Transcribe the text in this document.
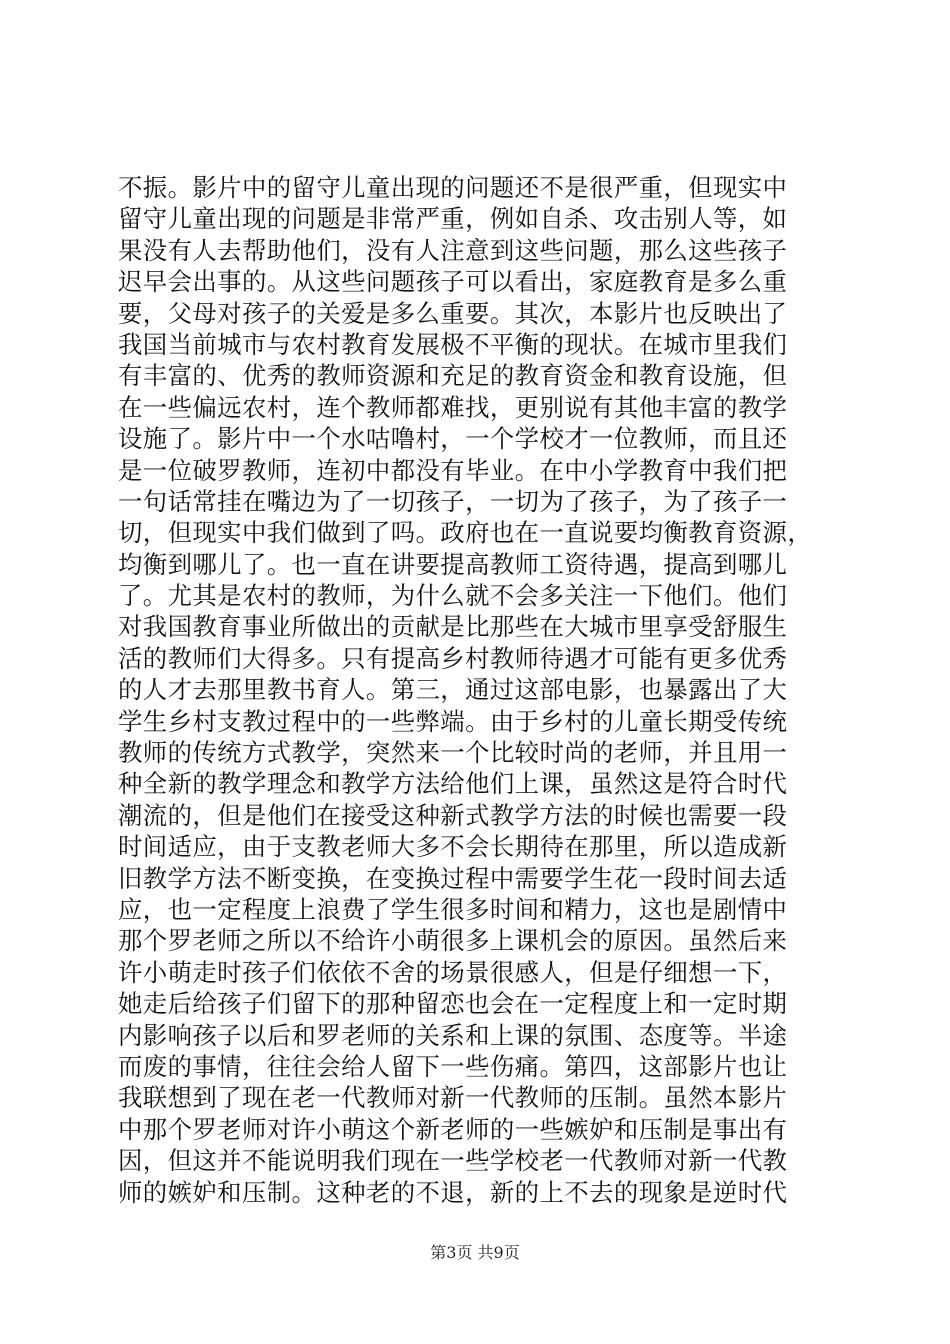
不振。影片中的留守儿童出现的问题还不是很严重，但现实中
留守儿童出现的问题是非常严重，例如自杀、攻击别人等，如
果没有人去帮助他们，没有人注意到这些问题，那么这些孩子
迟早会出事的。从这些问题孩子可以看出，家庭教育是多么重
要，父母对孩子的关爱是多么重要。其次，本影片也反映出了
我国当前城市与农村教育发展极不平衡的现状。在城市里我们
有丰富的、优秀的教师资源和充足的教育资金和教育设施，但
在一些偏远农村，连个教师都难找，更别说有其他丰富的教学
设施了。影片中一个水咕噜村，一个学校才一位教师，而且还
是一位破罗教师，连初中都没有毕业。在中小学教育中我们把
一句话常挂在嘴边为了一切孩子，一切为了孩子，为了孩子一
切，但现实中我们做到了吗。政府也在一直说要均衡教育资源，
均衡到哪儿了。也一直在讲要提高教师工资待遇，提高到哪儿
了。尤其是农村的教师，为什么就不会多关注一下他们。他们
对我国教育事业所做出的贡献是比那些在大城市里享受舒服生
活的教师们大得多。只有提高乡村教师待遇才可能有更多优秀
的人才去那里教书育人。第三，通过这部电影，也暴露出了大
学生乡村支教过程中的一些弊端。由于乡村的儿童长期受传统
教师的传统方式教学，突然来一个比较时尚的老师，并且用一
种全新的教学理念和教学方法给他们上课，虽然这是符合时代
潮流的，但是他们在接受这种新式教学方法的时候也需要一段
时间适应，由于支教老师大多不会长期待在那里，所以造成新
旧教学方法不断变换，在变换过程中需要学生花一段时间去适
应，也一定程度上浪费了学生很多时间和精力，这也是剧情中
那个罗老师之所以不给许小萌很多上课机会的原因。虽然后来
许小萌走时孩子们依依不舍的场景很感人，但是仔细想一下，
她走后给孩子们留下的那种留恋也会在一定程度上和一定时期
内影响孩子以后和罗老师的关系和上课的氛围、态度等。半途
而废的事情，往往会给人留下一些伤痛。第四，这部影片也让
我联想到了现在老一代教师对新一代教师的压制。虽然本影片
中那个罗老师对许小萌这个新老师的一些嫉妒和压制是事出有
因，但这并不能说明我们现在一些学校老一代教师对新一代教
师的嫉妒和压制。这种老的不退，新的上不去的现象是逆时代
第3页 共9页
